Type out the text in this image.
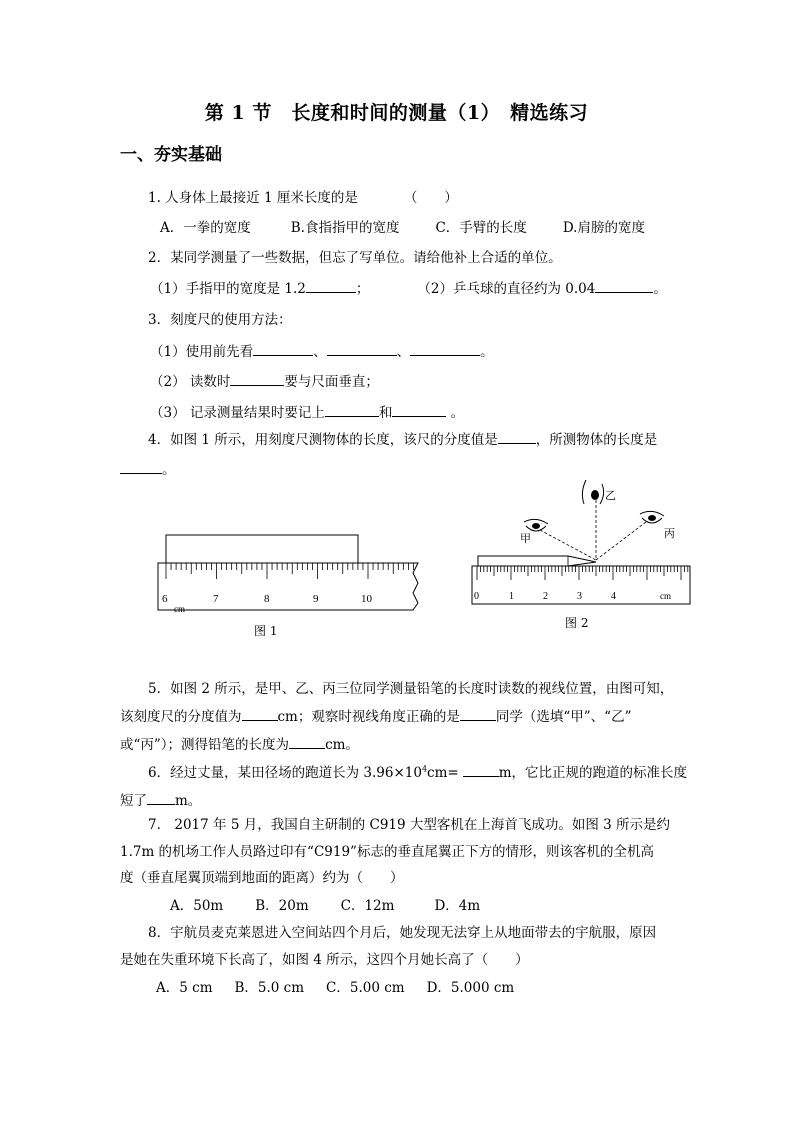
第 1 节　长度和时间的测量（1）　精选练习
一、夯实基础
1. 人身体上最接近 1 厘米长度的是	（　　）
A．一拳的宽度	B.食指指甲的宽度	C．手臂的长度	D.肩膀的宽度
2．某同学测量了一些数据，但忘了写单位。请给他补上合适的单位。
（1）手指甲的宽度是 1.2	；	（2）乒乓球的直径约为 0.04	。
3．刻度尺的使用方法：
（1）使用前先看	、	、	。
（2） 读数时	要与尺面垂直；
（3） 记录测量结果时要记上	和	。
4．如图 1 所示，用刻度尺测物体的长度，该尺的分度值是	，所测物体的长度是
。
6	7	8	9	10
cm
图 1
0	1	2	3	4	cm
甲
乙
丙
图 2
5．如图 2 所示，是甲、乙、丙三位同学测量铅笔的长度时读数的视线位置，由图可知，
该刻度尺的分度值为	cm；观察时视线角度正确的是	同学（选填“甲”、“乙”
或“丙”）；测得铅笔的长度为	cm。
6．经过丈量，某田径场的跑道长为 $3.96\times 10^4cm=$	m，它比正规的跑道的标准长度
短了 m。
7． 2017 年 5 月，我国自主研制的 C919 大型客机在上海首飞成功。如图 3 所示是约
1.7m 的机场工作人员路过印有“C919”标志的垂直尾翼正下方的情形，则该客机的全机高
度（垂直尾翼顶端到地面的距离）约为（　　）
A．50m B．20m C．12m	D．4m
8．宇航员麦克莱恩进入空间站四个月后，她发现无法穿上从地面带去的宇航服，原因
是她在失重环境下长高了，如图 4 所示，这四个月她长高了（　　）
A．5 cm B．5.0 cm C．5.00 cm D．5.000 cm
